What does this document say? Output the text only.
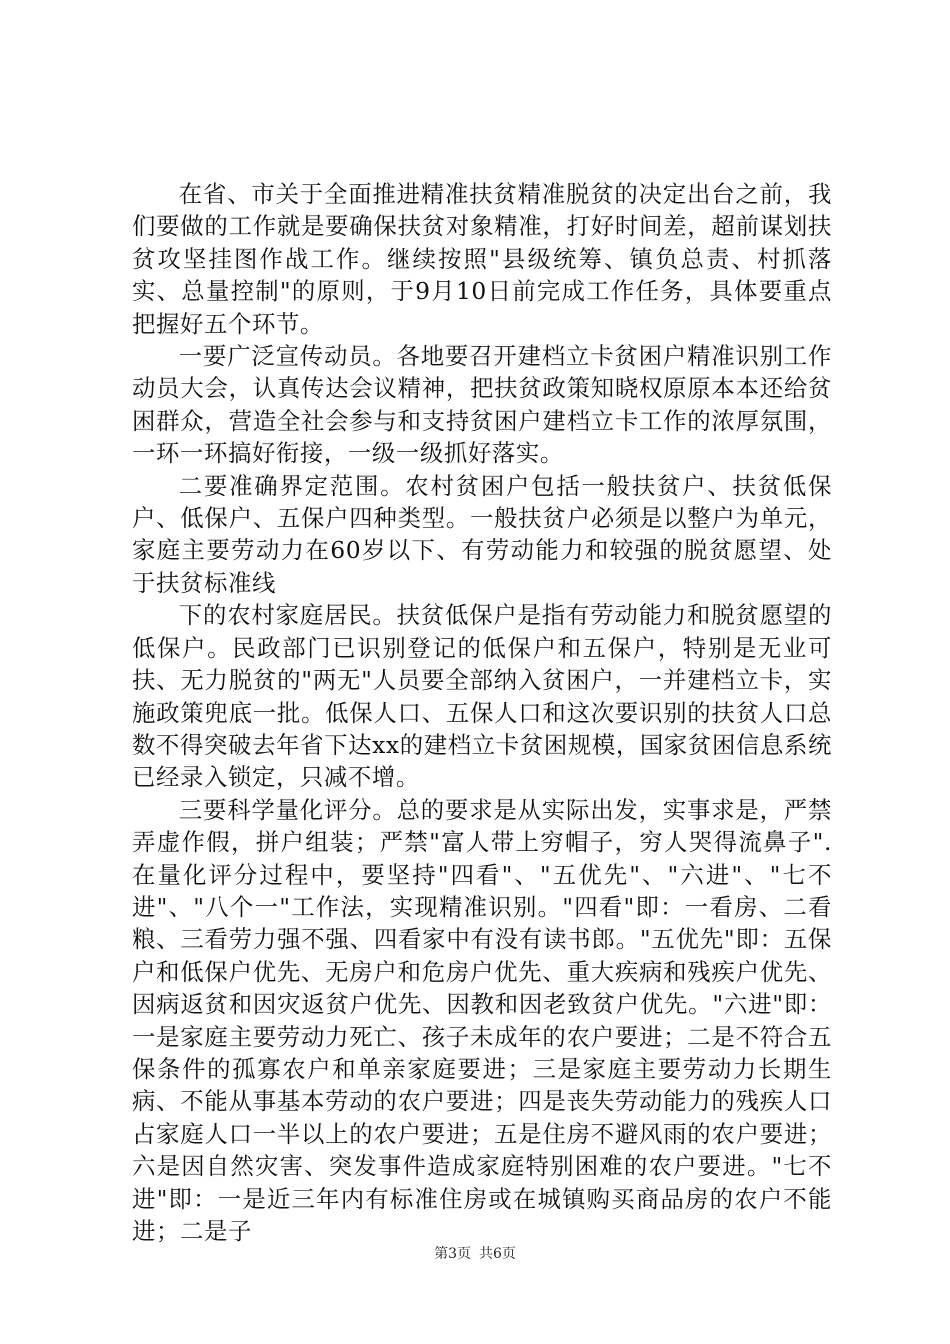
在省、市关于全面推进精准扶贫精准脱贫的决定出台之前，我们要做的工作就是要确保扶贫对象精准，打好时间差，超前谋划扶贫攻坚挂图作战工作。继续按照"县级统筹、镇负总责、村抓落实、总量控制"的原则，于9月10日前完成工作任务，具体要重点把握好五个环节。

一要广泛宣传动员。各地要召开建档立卡贫困户精准识别工作动员大会，认真传达会议精神，把扶贫政策知晓权原原本本还给贫困群众，营造全社会参与和支持贫困户建档立卡工作的浓厚氛围，一环一环搞好衔接，一级一级抓好落实。

二要准确界定范围。农村贫困户包括一般扶贫户、扶贫低保户、低保户、五保户四种类型。一般扶贫户必须是以整户为单元，家庭主要劳动力在60岁以下、有劳动能力和较强的脱贫愿望、处于扶贫标准线

下的农村家庭居民。扶贫低保户是指有劳动能力和脱贫愿望的低保户。民政部门已识别登记的低保户和五保户，特别是无业可扶、无力脱贫的"两无"人员要全部纳入贫困户，一并建档立卡，实施政策兜底一批。低保人口、五保人口和这次要识别的扶贫人口总数不得突破去年省下达xx的建档立卡贫困规模，国家贫困信息系统已经录入锁定，只减不增。

三要科学量化评分。总的要求是从实际出发，实事求是，严禁弄虚作假，拼户组装；严禁"富人带上穷帽子，穷人哭得流鼻子".在量化评分过程中，要坚持"四看"、"五优先"、"六进"、"七不进"、"八个一"工作法，实现精准识别。"四看"即：一看房、二看粮、三看劳力强不强、四看家中有没有读书郎。"五优先"即：五保户和低保户优先、无房户和危房户优先、重大疾病和残疾户优先、因病返贫和因灾返贫户优先、因教和因老致贫户优先。"六进"即：一是家庭主要劳动力死亡、孩子未成年的农户要进；二是不符合五保条件的孤寡农户和单亲家庭要进；三是家庭主要劳动力长期生病、不能从事基本劳动的农户要进；四是丧失劳动能力的残疾人口占家庭人口一半以上的农户要进；五是住房不避风雨的农户要进；六是因自然灾害、突发事件造成家庭特别困难的农户要进。"七不进"即：一是近三年内有标准住房或在城镇购买商品房的农户不能进；二是子

第3页 共6页
